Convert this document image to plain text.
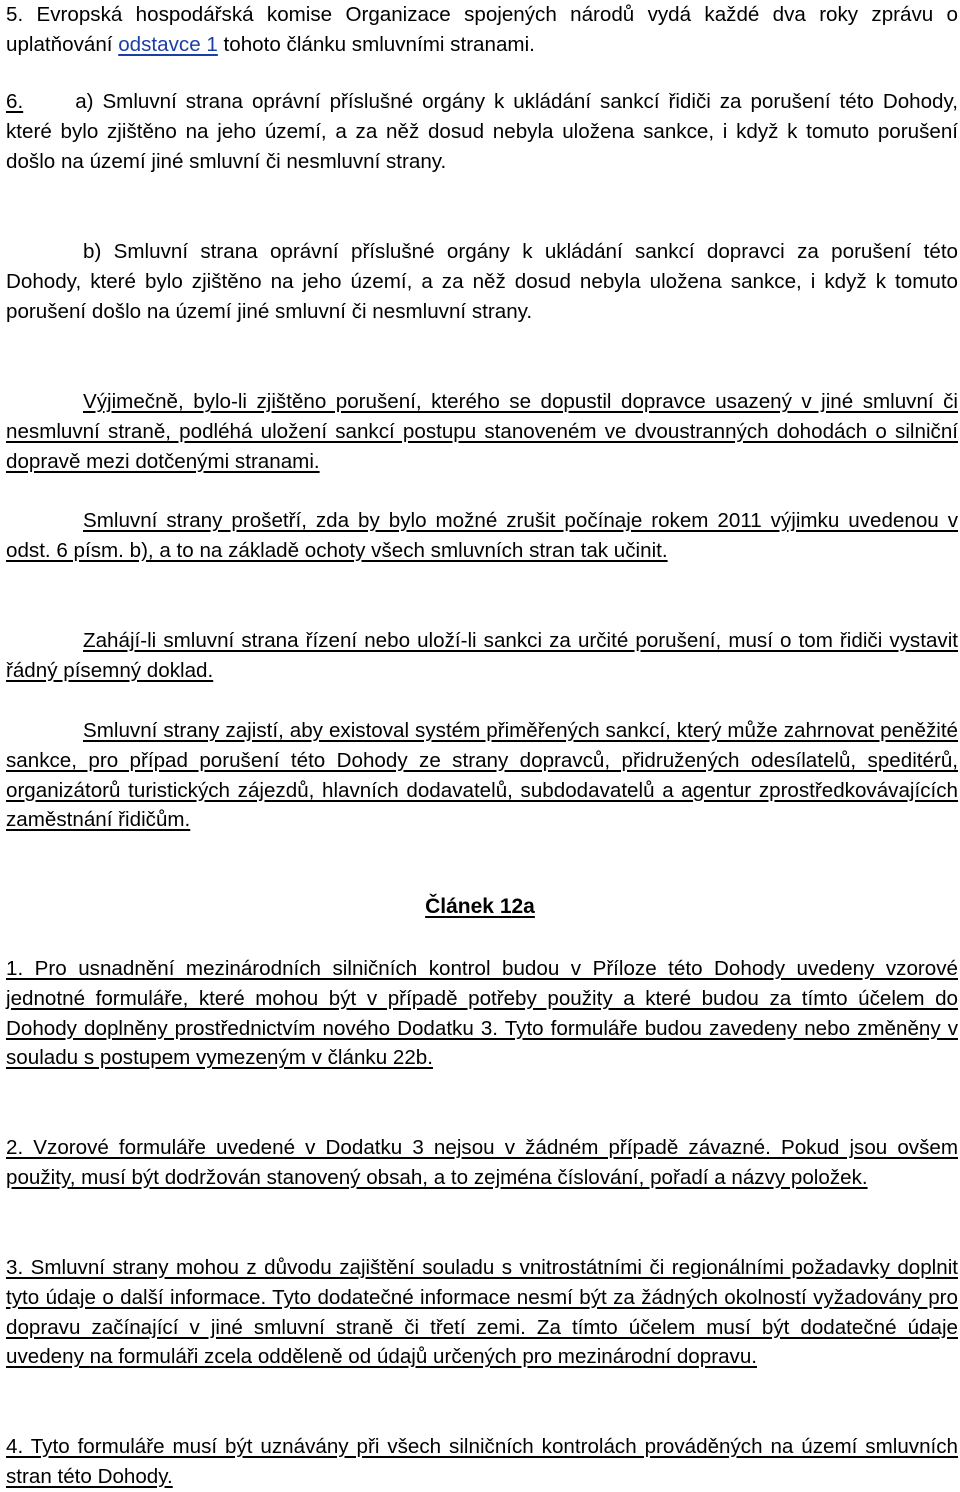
5. Evropská hospodářská komise Organizace spojených národů vydá každé dva roky zprávu o uplatňování odstavce 1 tohoto článku smluvními stranami.

6.	a) Smluvní strana oprávní příslušné orgány k ukládání sankcí řidiči za porušení této Dohody, které bylo zjištěno na jeho území, a za něž dosud nebyla uložena sankce, i když k tomuto porušení došlo na území jiné smluvní či nesmluvní strany.

b) Smluvní strana oprávní příslušné orgány k ukládání sankcí dopravci za porušení této Dohody, které bylo zjištěno na jeho území, a za něž dosud nebyla uložena sankce, i když k tomuto porušení došlo na území jiné smluvní či nesmluvní strany.

Výjimečně, bylo-li zjištěno porušení, kterého se dopustil dopravce usazený v jiné smluvní či nesmluvní straně, podléhá uložení sankcí postupu stanoveném ve dvoustranných dohodách o silniční dopravě mezi dotčenými stranami.

Smluvní strany prošetří, zda by bylo možné zrušit počínaje rokem 2011 výjimku uvedenou v odst. 6 písm. b), a to na základě ochoty všech smluvních stran tak učinit.

Zahájí-li smluvní strana řízení nebo uloží-li sankci za určité porušení, musí o tom řidiči vystavit řádný písemný doklad.

Smluvní strany zajistí, aby existoval systém přiměřených sankcí, který může zahrnovat peněžité sankce, pro případ porušení této Dohody ze strany dopravců, přidružených odesílatelů, speditérů, organizátorů turistických zájezdů, hlavních dodavatelů, subdodavatelů a agentur zprostředkovávajících zaměstnání řidičům.

Článek 12a

1. Pro usnadnění mezinárodních silničních kontrol budou v Příloze této Dohody uvedeny vzorové jednotné formuláře, které mohou být v případě potřeby použity a které budou za tímto účelem do Dohody doplněny prostřednictvím nového Dodatku 3. Tyto formuláře budou zavedeny nebo změněny v souladu s postupem vymezeným v článku 22b.

2. Vzorové formuláře uvedené v Dodatku 3 nejsou v žádném případě závazné. Pokud jsou ovšem použity, musí být dodržován stanovený obsah, a to zejména číslování, pořadí a názvy položek.

3. Smluvní strany mohou z důvodu zajištění souladu s vnitrostátními či regionálními požadavky doplnit tyto údaje o další informace. Tyto dodatečné informace nesmí být za žádných okolností vyžadovány pro dopravu začínající v jiné smluvní straně či třetí zemi. Za tímto účelem musí být dodatečné údaje uvedeny na formuláři zcela odděleně od údajů určených pro mezinárodní dopravu.

4. Tyto formuláře musí být uznávány při všech silničních kontrolách prováděných na území smluvních stran této Dohody.
